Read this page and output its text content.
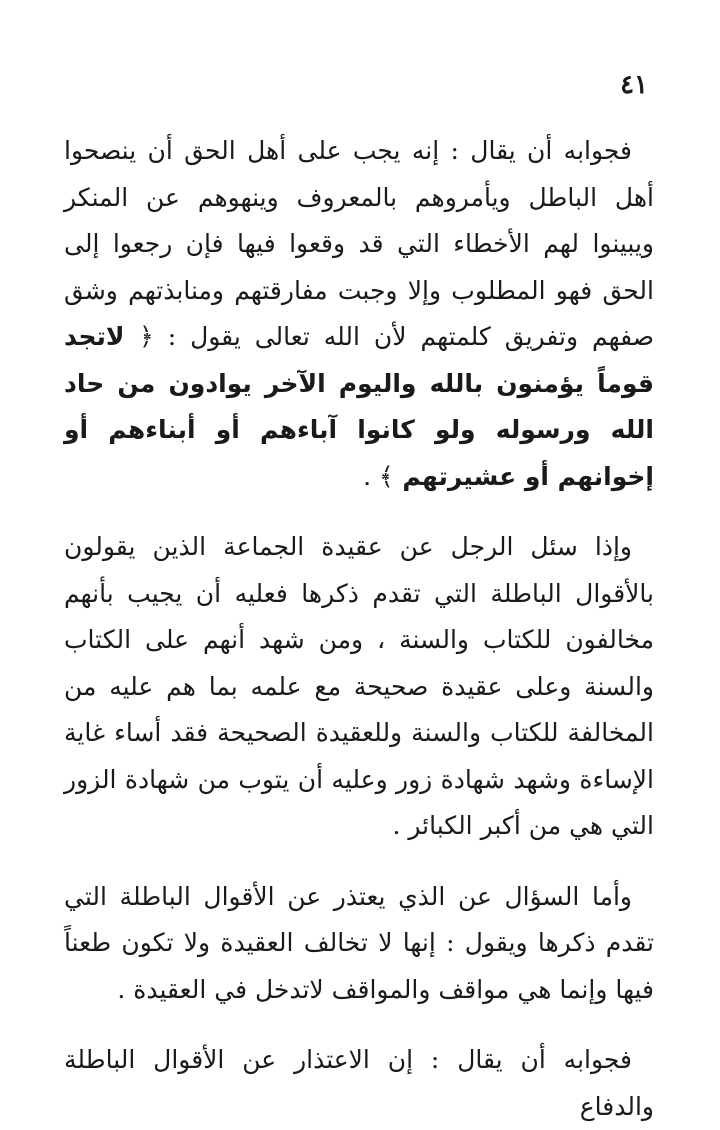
٤١

فجوابه أن يقال : إنه يجب على أهل الحق أن ينصحوا أهل الباطل ويأمروهم بالمعروف وينهوهم عن المنكر ويبينوا لهم الأخطاء التي قد وقعوا فيها فإن رجعوا إلى الحق فهو المطلوب وإلا وجبت مفارقتهم ومنابذتهم وشق صفهم وتفريق كلمتهم لأن الله تعالى يقول : ﴿ لاتجد قوماً يؤمنون بالله واليوم الآخر يوادون من حاد الله ورسوله ولو كانوا آباءهم أو أبناءهم أو إخوانهم أو عشيرتهم ﴾ .

وإذا سئل الرجل عن عقيدة الجماعة الذين يقولون بالأقوال الباطلة التي تقدم ذكرها فعليه أن يجيب بأنهم مخالفون للكتاب والسنة ، ومن شهد أنهم على الكتاب والسنة وعلى عقيدة صحيحة مع علمه بما هم عليه من المخالفة للكتاب والسنة وللعقيدة الصحيحة فقد أساء غاية الإساءة وشهد شهادة زور وعليه أن يتوب من شهادة الزور التي هي من أكبر الكبائر .

وأما السؤال عن الذي يعتذر عن الأقوال الباطلة التي تقدم ذكرها ويقول : إنها لا تخالف العقيدة ولا تكون طعناً فيها وإنما هي مواقف والمواقف لاتدخل في العقيدة .

فجوابه أن يقال : إن الاعتذار عن الأقوال الباطلة والدفاع
